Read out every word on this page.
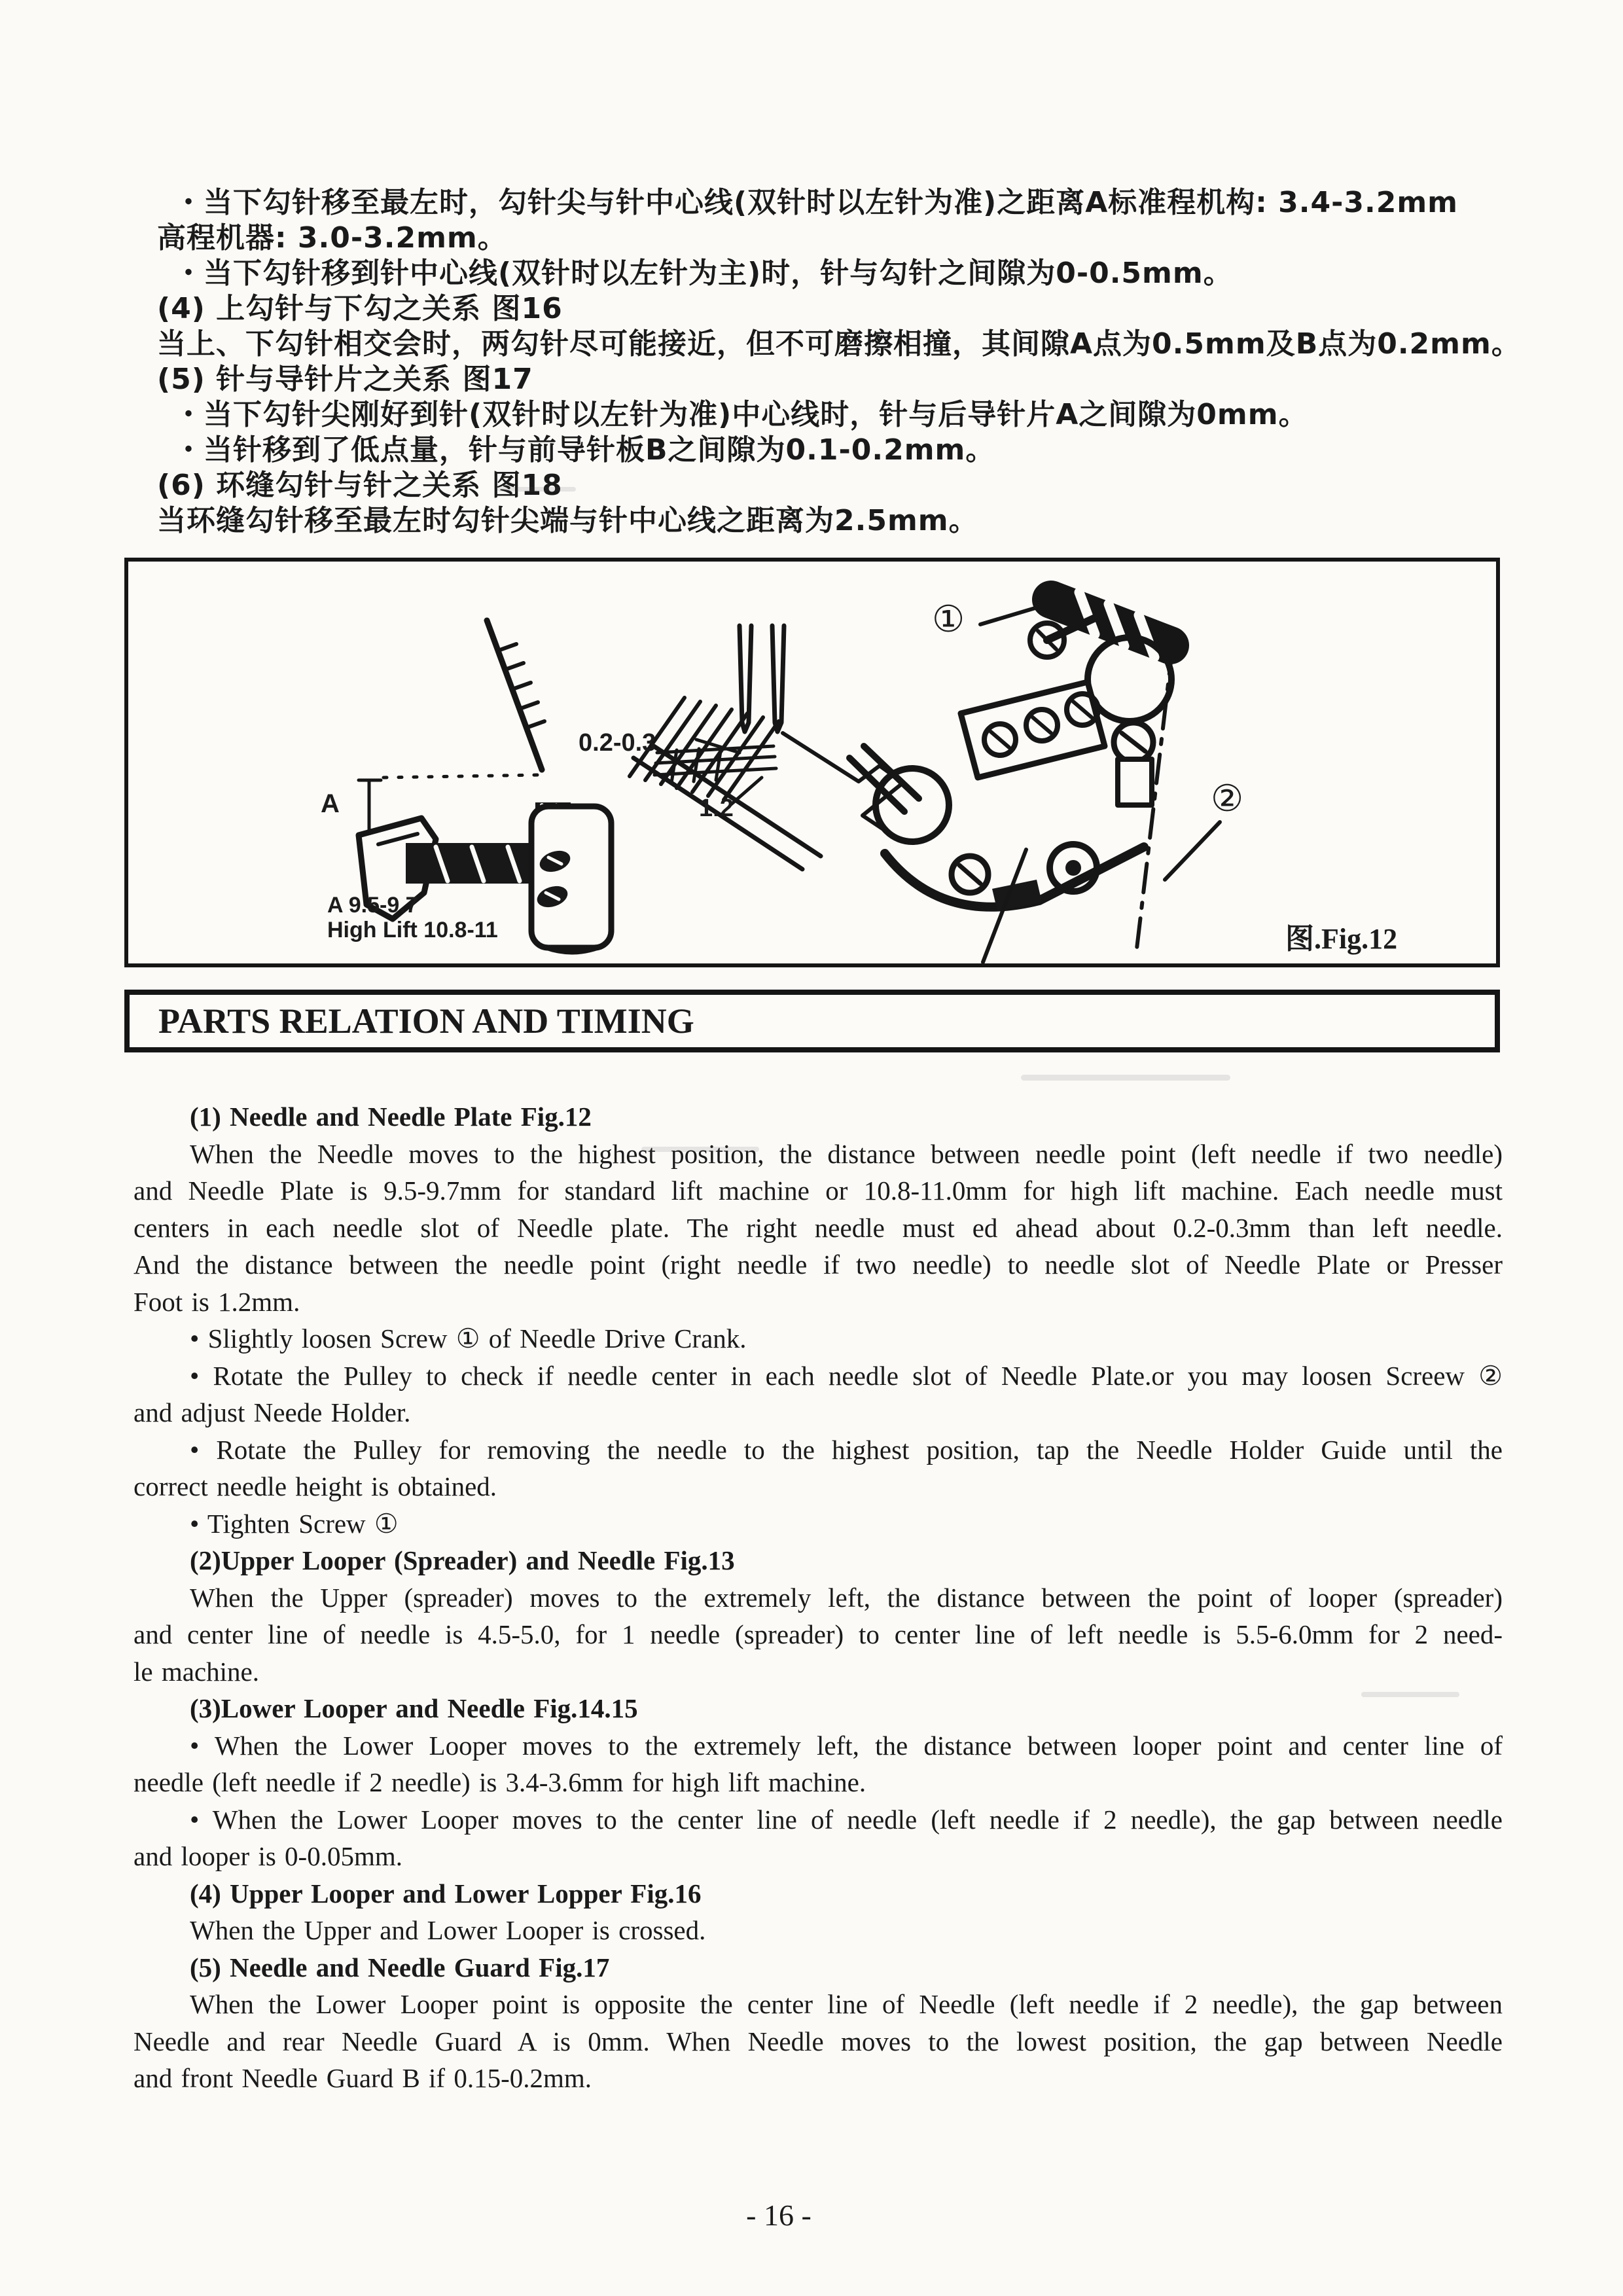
・当下勾针移至最左时，勾针尖与针中心线(双针时以左针为准)之距离A标准程机构: 3.4-3.2mm
高程机器: 3.0-3.2mm。
・当下勾针移到针中心线(双针时以左针为主)时，针与勾针之间隙为0-0.5mm。
(4) 上勾针与下勾之关系 图16
当上、下勾针相交会时，两勾针尽可能接近，但不可磨擦相撞，其间隙A点为0.5mm及B点为0.2mm。
(5) 针与导针片之关系 图17
・当下勾针尖刚好到针(双针时以左针为准)中心线时，针与后导针片A之间隙为0mm。
・当针移到了低点量，针与前导针板B之间隙为0.1-0.2mm。
(6) 环缝勾针与针之关系 图18
当环缝勾针移至最左时勾针尖端与针中心线之距离为2.5mm。
A
0.2-0.3
1.2
A 9.5-9.7
High Lift 10.8-11
①
②
图.Fig.12
PARTS RELATION AND TIMING
(1) Needle and Needle Plate Fig.12
When the Needle moves to the highest position, the distance between needle point (left needle if two needle)
and Needle Plate is 9.5-9.7mm for standard lift machine or 10.8-11.0mm for high lift machine. Each needle must
centers in each needle slot of Needle plate. The right needle must ed ahead about 0.2-0.3mm than left needle.
And the distance between the needle point (right needle if two needle) to needle slot of Needle Plate or Presser
Foot is 1.2mm.
• Slightly loosen Screw ① of Needle Drive Crank.
• Rotate the Pulley to check if needle center in each needle slot of Needle Plate.or you may loosen Screew ②
and adjust Neede Holder.
• Rotate the Pulley for removing the needle to the highest position, tap the Needle Holder Guide until the
correct needle height is obtained.
• Tighten Screw ①
(2)Upper Looper (Spreader) and Needle Fig.13
When the Upper (spreader) moves to the extremely left, the distance between the point of looper (spreader)
and center line of needle is 4.5-5.0, for 1 needle (spreader) to center line of left needle is 5.5-6.0mm for 2 need-
le machine.
(3)Lower Looper and Needle Fig.14.15
• When the Lower Looper moves to the extremely left, the distance between looper point and center line of
needle (left needle if 2 needle) is 3.4-3.6mm for high lift machine.
• When the Lower Looper moves to the center line of needle (left needle if 2 needle), the gap between needle
and looper is 0-0.05mm.
(4) Upper Looper and Lower Lopper Fig.16
When the Upper and Lower Looper is crossed.
(5) Needle and Needle Guard Fig.17
When the Lower Looper point is opposite the center line of Needle (left needle if 2 needle), the gap between
Needle and rear Needle Guard A is 0mm. When Needle moves to the lowest position, the gap between Needle
and front Needle Guard B if 0.15-0.2mm.
- 16 -
